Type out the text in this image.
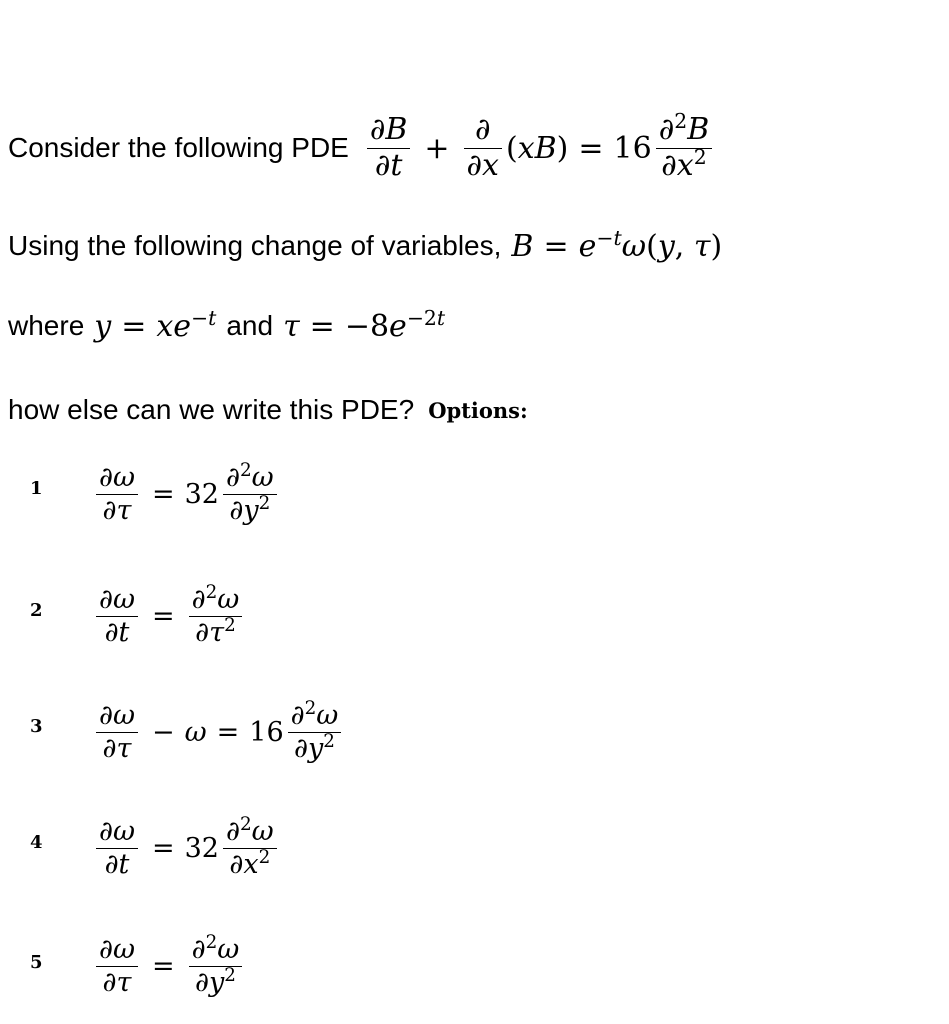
Consider the following PDE $\frac{\partial B}{\partial t} + \frac{\partial}{\partial x} (xB) = 16 \frac{\partial^2B}{\partial x^2}$
Using the following change of variables, $B = e^{-t}\omega(y$, τ)
where $y = xe^{-t}$ and $\tau = -8e^{-2t}$
how else can we write this PDE? Options:
$1 \frac{\partial\omega}{\partial\tau} = 32 \frac{\partial^2\omega}{\partial y^2}$
$2 \frac{\partial\omega}{\partial t} = \frac{\partial^2\omega}{\partial\tau^2}$
$3 \frac{\partial\omega}{\partial\tau} - \omega = 16 \frac{\partial^2\omega}{\partial y^2}$
$4 \frac{\partial\omega}{\partial t} = 32 \frac{\partial^2\omega}{\partial x^2}$
$5 \frac{\partial\omega}{\partial\tau} = \frac{\partial^2\omega}{\partial y^2}$
